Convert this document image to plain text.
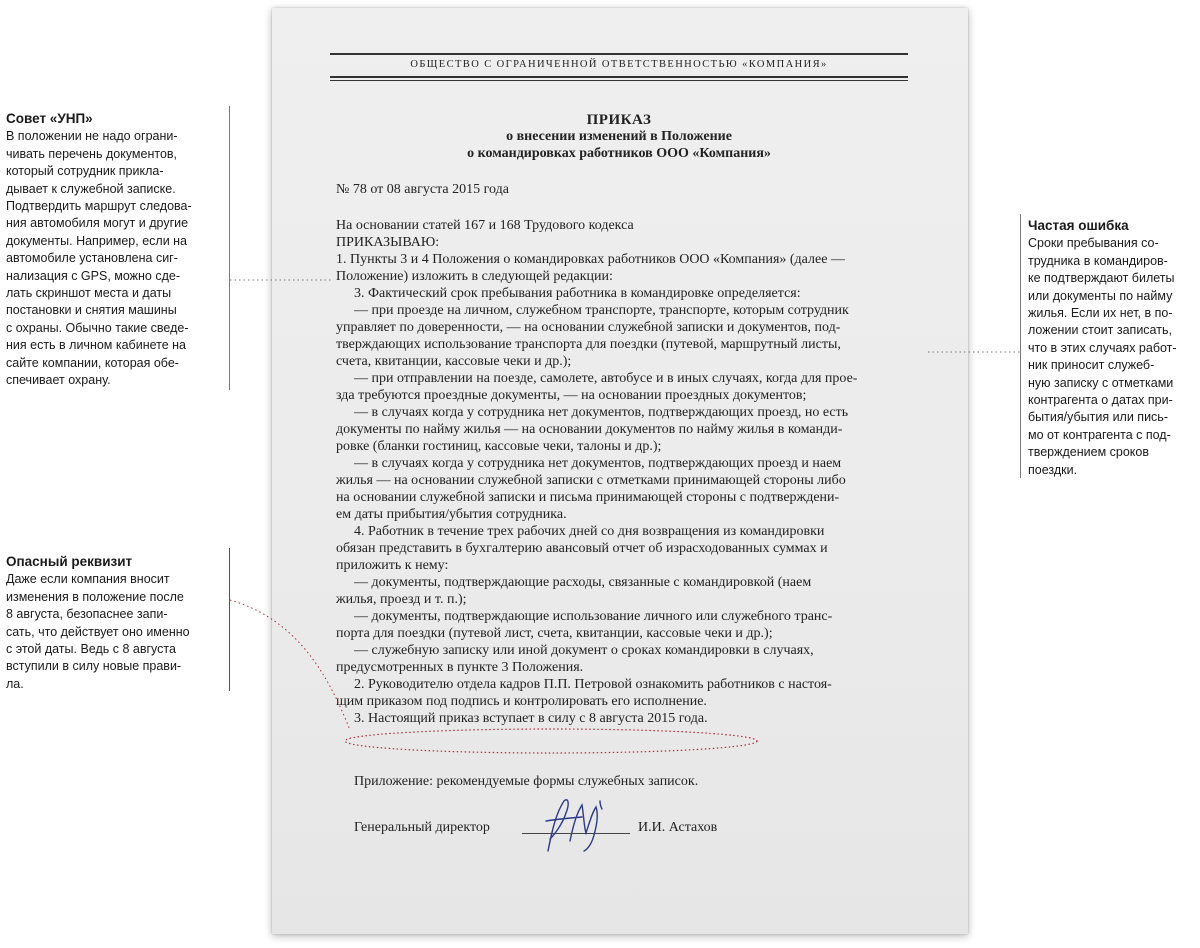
Совет «УНП»
В положении не надо ограни-
чивать перечень документов,
который сотрудник прикла-
дывает к служебной записке.
Подтвердить маршрут следова-
ния автомобиля могут и другие
документы. Например, если на
автомобиле установлена сиг-
нализация с GPS, можно сде-
лать скриншот места и даты
постановки и снятия машины
с охраны. Обычно такие сведе-
ния есть в личном кабинете на
сайте компании, которая обе-
спечивает охрану.
Опасный реквизит
Даже если компания вносит
изменения в положение после
8 августа, безопаснее запи-
сать, что действует оно именно
с этой даты. Ведь с 8 августа
вступили в силу новые прави-
ла.
Частая ошибка
Сроки пребывания со-
трудника в командиров-
ке подтверждают билеты
или документы по найму
жилья. Если их нет, в по-
ложении стоит записать,
что в этих случаях работ-
ник приносит служеб-
ную записку с отметками
контрагента о датах при-
бытия/убытия или пись-
мо от контрагента с под-
тверждением сроков
поездки.
ОБЩЕСТВО С ОГРАНИЧЕННОЙ ОТВЕТСТВЕННОСТЬЮ «КОМПАНИЯ»
ПРИКАЗ
о внесении изменений в Положение
о командировках работников ООО «Компания»
№ 78 от 08 августа 2015 года
На основании статей 167 и 168 Трудового кодекса
ПРИКАЗЫВАЮ:
1. Пункты 3 и 4 Положения о командировках работников ООО «Компания» (далее —
Положение) изложить в следующей редакции:
3. Фактический срок пребывания работника в командировке определяется:
— при проезде на личном, служебном транспорте, транспорте, которым сотрудник
управляет по доверенности, — на основании служебной записки и документов, под-
тверждающих использование транспорта для поездки (путевой, маршрутный листы,
счета, квитанции, кассовые чеки и др.);
— при отправлении на поезде, самолете, автобусе и в иных случаях, когда для прое-
зда требуются проездные документы, — на основании проездных документов;
— в случаях когда у сотрудника нет документов, подтверждающих проезд, но есть
документы по найму жилья — на основании документов по найму жилья в команди-
ровке (бланки гостиниц, кассовые чеки, талоны и др.);
— в случаях когда у сотрудника нет документов, подтверждающих проезд и наем
жилья — на основании служебной записки с отметками принимающей стороны либо
на основании служебной записки и письма принимающей стороны с подтверждени-
ем даты прибытия/убытия сотрудника.
4. Работник в течение трех рабочих дней со дня возвращения из командировки
обязан представить в бухгалтерию авансовый отчет об израсходованных суммах и
приложить к нему:
— документы, подтверждающие расходы, связанные с командировкой (наем
жилья, проезд и т. п.);
— документы, подтверждающие использование личного или служебного транс-
порта для поездки (путевой лист, счета, квитанции, кассовые чеки и др.);
— служебную записку или иной документ о сроках командировки в случаях,
предусмотренных в пункте 3 Положения.
2. Руководителю отдела кадров П.П. Петровой ознакомить работников с настоя-
щим приказом под подпись и контролировать его исполнение.
3. Настоящий приказ вступает в силу с 8 августа 2015 года.
Приложение: рекомендуемые формы служебных записок.
Генеральный директор	И.И. Астахов
